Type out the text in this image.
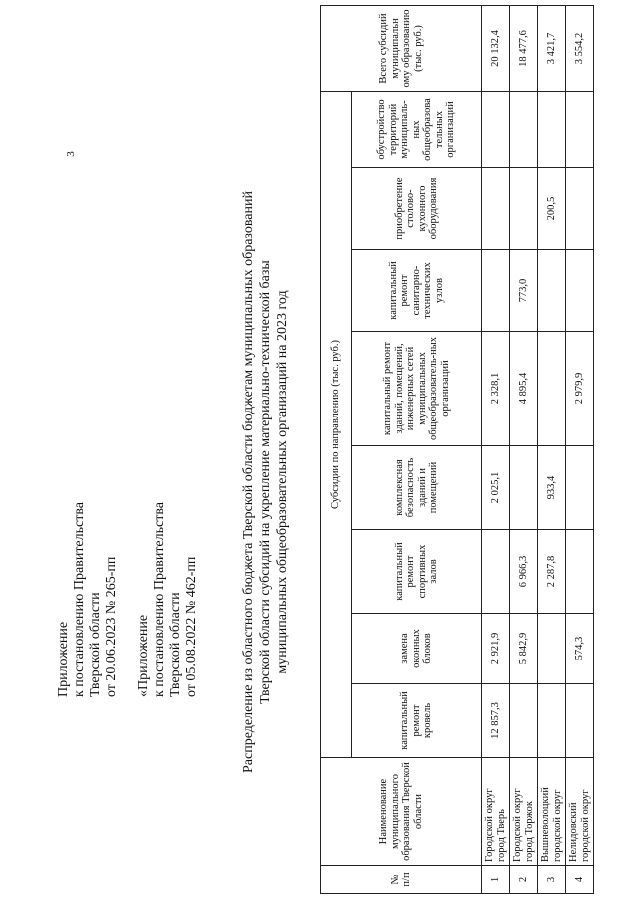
3
Приложение к постановлению Правительства Тверской области от 20.06.2023 № 265-пп «Приложение к постановлению Правительства Тверской области от 05.08.2022 № 462-пп	Распределение из областного бюджета Тверской области бюджетам муниципальных образований Тверской области субсидий на укрепление материально-технической базы муниципальных общеобразовательных организаций на 2023 год
№ п/п	Наименование муниципального образования Тверской области	Субсидии по направлению (тыс. руб.)								Всего субсидий муниципальн ому образованию (тыс. руб.)
		капитальный ремонт кровель	замена оконных блоков	капитальный ремонт спортивных залов	комплексная безопасность зданий и помещений	капитальный ремонт зданий, помещений, инженерных сетей муниципальных общеобразователь-ных организаций	капитальный ремонт санитарно-технических узлов	приобретение столово-кухонного оборудования	обустройство территорий муниципаль-ных общеобразова тельных организаций	
1	Городской округ город Тверь	12 857,3	2 921,9		2 025,1	2 328,1				20 132,4
2	Городской округ город Торжок		5 842,9	6 966,3		4 895,4	773,0			18 477,6
3	Вышневолоцкий городской округ			2 287,8	933,4			200,5		3 421,7
4	Нелидовский городской округ		574,3			2 979,9				3 554,2
